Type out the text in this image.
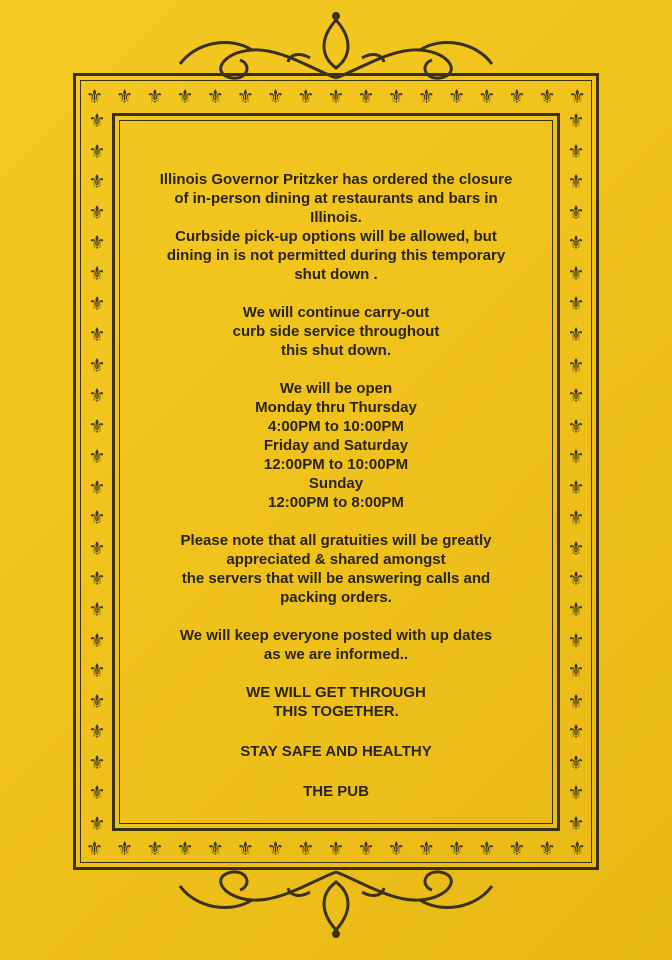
⚜ ⚜ ⚜ ⚜ ⚜ ⚜ ⚜ ⚜ ⚜ ⚜ ⚜ ⚜ ⚜ ⚜ ⚜ ⚜ ⚜
⚜ ⚜ ⚜ ⚜ ⚜ ⚜ ⚜ ⚜ ⚜ ⚜ ⚜ ⚜ ⚜ ⚜ ⚜ ⚜ ⚜
⚜
⚜
⚜
⚜
⚜
⚜
⚜
⚜
⚜
⚜
⚜
⚜
⚜
⚜
⚜
⚜
⚜
⚜
⚜
⚜
⚜
⚜
⚜
⚜
⚜
⚜
⚜
⚜
⚜
⚜
⚜
⚜
⚜
⚜
⚜
⚜
⚜
⚜
⚜
⚜
⚜
⚜
⚜
⚜
⚜
⚜
⚜
⚜

Illinois Governor Pritzker has ordered the closure

of in-person dining at restaurants and bars in

Illinois.

Curbside pick-up options will be allowed, but

dining in is not permitted during this temporary

shut down .

We will continue carry-out

curb side service throughout

this shut down.

We will be open

Monday thru Thursday

4:00PM to 10:00PM

Friday and Saturday

12:00PM to 10:00PM

Sunday

12:00PM to 8:00PM

Please note that all gratuities will be greatly

appreciated & shared amongst

the servers that will be answering calls and

packing orders.

We will keep everyone posted with up dates

as we are informed..

WE WILL GET THROUGH

THIS TOGETHER.

STAY SAFE AND HEALTHY

THE PUB
